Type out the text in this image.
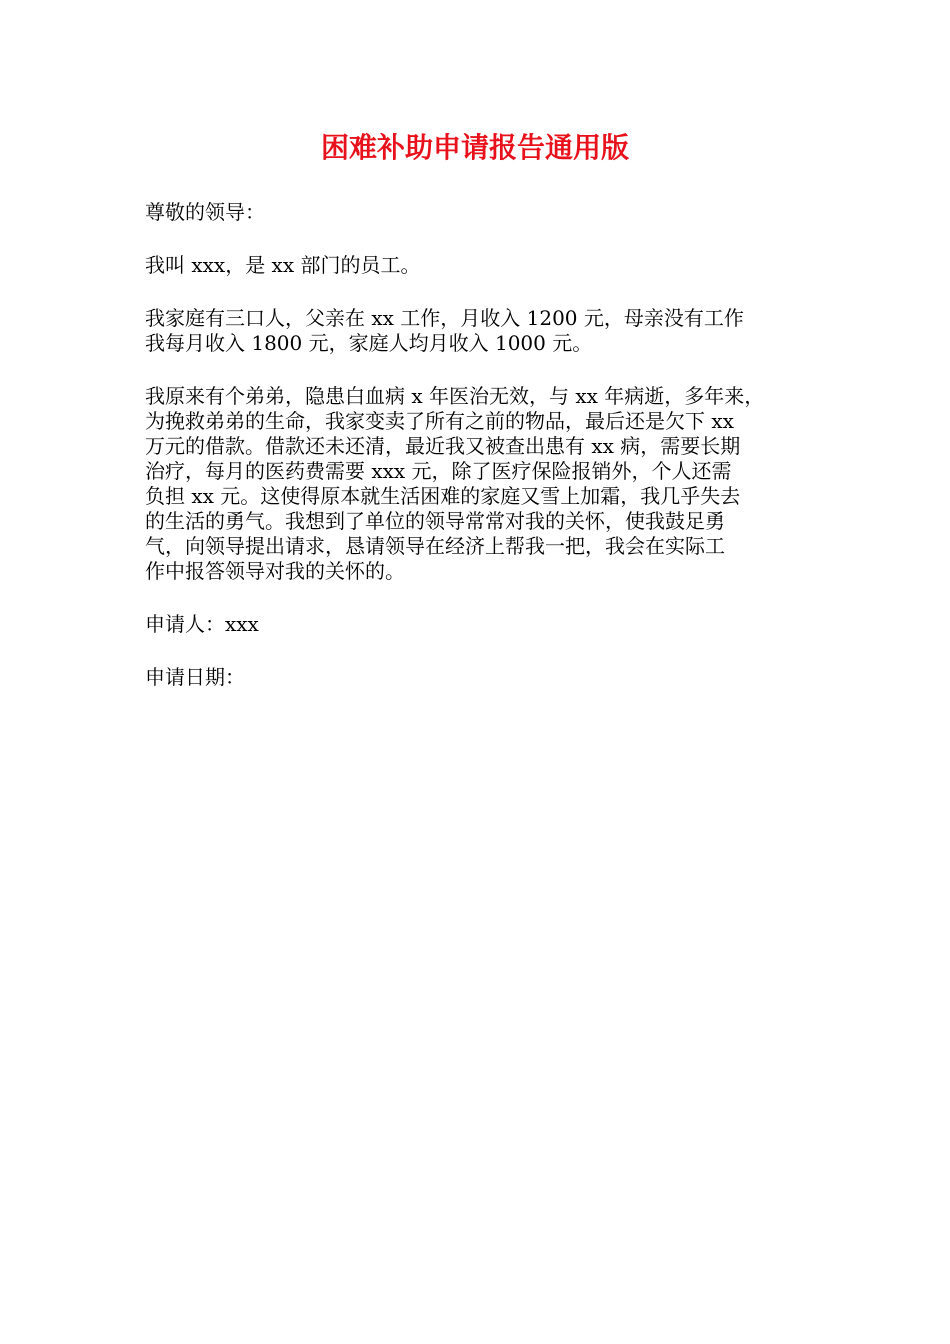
困难补助申请报告通用版

尊敬的领导：

我叫 xxx，是 xx 部门的员工。

我家庭有三口人，父亲在 xx 工作，月收入 1200 元，母亲没有工作
我每月收入 1800 元，家庭人均月收入 1000 元。

我原来有个弟弟，隐患白血病 x 年医治无效，与 xx 年病逝，多年来，
为挽救弟弟的生命，我家变卖了所有之前的物品，最后还是欠下 xx
万元的借款。借款还未还清，最近我又被查出患有 xx 病，需要长期
治疗，每月的医药费需要 xxx 元，除了医疗保险报销外，个人还需
负担 xx 元。这使得原本就生活困难的家庭又雪上加霜，我几乎失去
的生活的勇气。我想到了单位的领导常常对我的关怀，使我鼓足勇
气，向领导提出请求，恳请领导在经济上帮我一把，我会在实际工
作中报答领导对我的关怀的。

申请人：xxx

申请日期：
